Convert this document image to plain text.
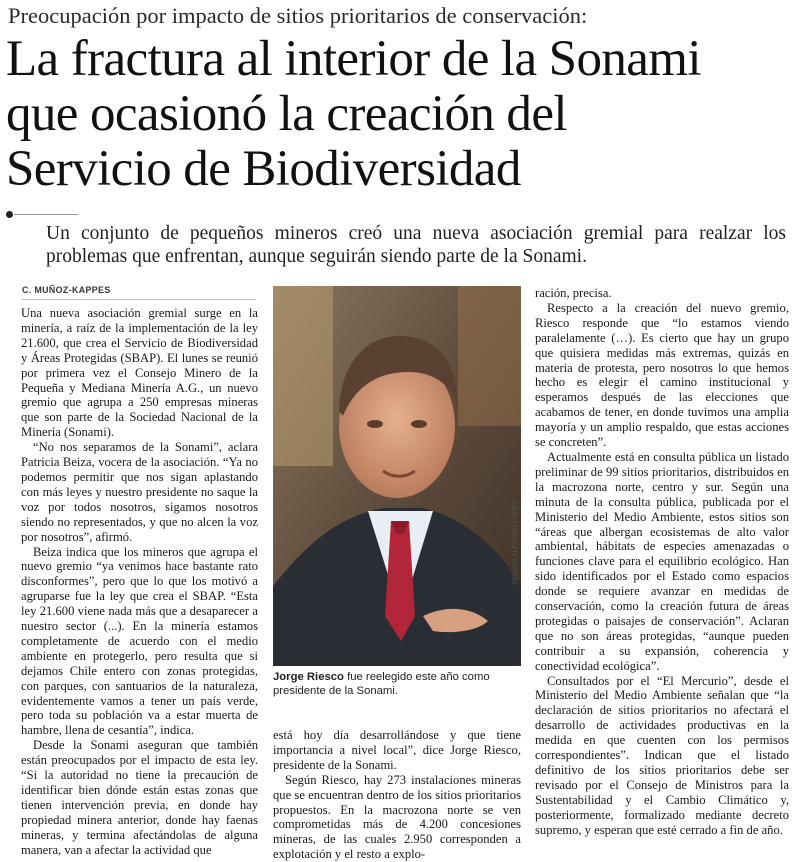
Preocupación por impacto de sitios prioritarios de conservación:
La fractura al interior de la Sonami
que ocasionó la creación del
Servicio de Biodiversidad
Un conjunto de pequeños mineros creó una nueva asociación gremial para realzar los problemas que enfrentan, aunque seguirán siendo parte de la Sonami.
C. MUÑOZ-KAPPES

Una nueva asociación gremial surge en la minería, a raíz de la implementación de la ley 21.600, que crea el Servicio de Biodiversidad y Áreas Protegidas (SBAP). El lunes se reunió por primera vez el Consejo Minero de la Pequeña y Mediana Minería A.G., un nuevo gremio que agrupa a 250 empresas mineras que son parte de la Sociedad Nacional de la Minería (Sonami).

“No nos separamos de la Sonami”, aclara Patricia Beiza, vocera de la asociación. “Ya no podemos permitir que nos sigan aplastando con más leyes y nuestro presidente no saque la voz por todos nosotros, sigamos nosotros siendo no representados, y que no alcen la voz por nosotros”, afirmó.

Beiza indica que los mineros que agrupa el nuevo gremio “ya venimos hace bastante rato disconformes”, pero que lo que los motivó a agruparse fue la ley que crea el SBAP. “Esta ley 21.600 viene nada más que a desaparecer a nuestro sector (...). En la minería estamos completamente de acuerdo con el medio ambiente en protegerlo, pero resulta que si dejamos Chile entero con zonas protegidas, con parques, con santuarios de la naturaleza, evidentemente vamos a tener un país verde, pero toda su población va a estar muerta de hambre, llena de cesantía”, indica.

Desde la Sonami aseguran que también están preocupados por el impacto de esta ley. “Si la autoridad no tiene la precaución de identificar bien dónde están estas zonas que tienen intervención previa, en donde hay propiedad minera anterior, donde hay faenas mineras, y termina afectándolas de alguna manera, van a afectar la actividad que

SERGIO ALFONSO LÓPEZ
Jorge Riesco fue reelegido este año como presidente de la Sonami.

está hoy día desarrollándose y que tiene importancia a nivel local”, dice Jorge Riesco, presidente de la Sonami.

Según Riesco, hay 273 instalaciones mineras que se encuentran dentro de los sitios prioritarios propuestos. En la macrozona norte se ven comprometidas más de 4.200 concesiones mineras, de las cuales 2.950 corresponden a explotación y el resto a explo-

ración, precisa.

Respecto a la creación del nuevo gremio, Riesco responde que “lo estamos viendo paralelamente (…). Es cierto que hay un grupo que quisiera medidas más extremas, quizás en materia de protesta, pero nosotros lo que hemos hecho es elegir el camino institucional y esperamos después de las elecciones que acabamos de tener, en donde tuvimos una amplia mayoría y un amplio respaldo, que estas acciones se concreten”.

Actualmente está en consulta pública un listado preliminar de 99 sitios prioritarios, distribuidos en la macrozona norte, centro y sur. Según una minuta de la consulta pública, publicada por el Ministerio del Medio Ambiente, estos sitios son “áreas que albergan ecosistemas de alto valor ambiental, hábitats de especies amenazadas o funciones clave para el equilibrio ecológico. Han sido identificados por el Estado como espacios donde se requiere avanzar en medidas de conservación, como la creación futura de áreas protegidas o paisajes de conservación”. Aclaran que no son áreas protegidas, “aunque pueden contribuir a su expansión, coherencia y conectividad ecológica”.

Consultados por el “El Mercurio”, desde el Ministerio del Medio Ambiente señalan que “la declaración de sitios prioritarios no afectará el desarrollo de actividades productivas en la medida en que cuenten con los permisos correspondientes”. Indican que el listado definitivo de los sitios prioritarios debe ser revisado por el Consejo de Ministros para la Sustentabilidad y el Cambio Climático y, posteriormente, formalizado mediante decreto supremo, y esperan que esté cerrado a fin de año.
